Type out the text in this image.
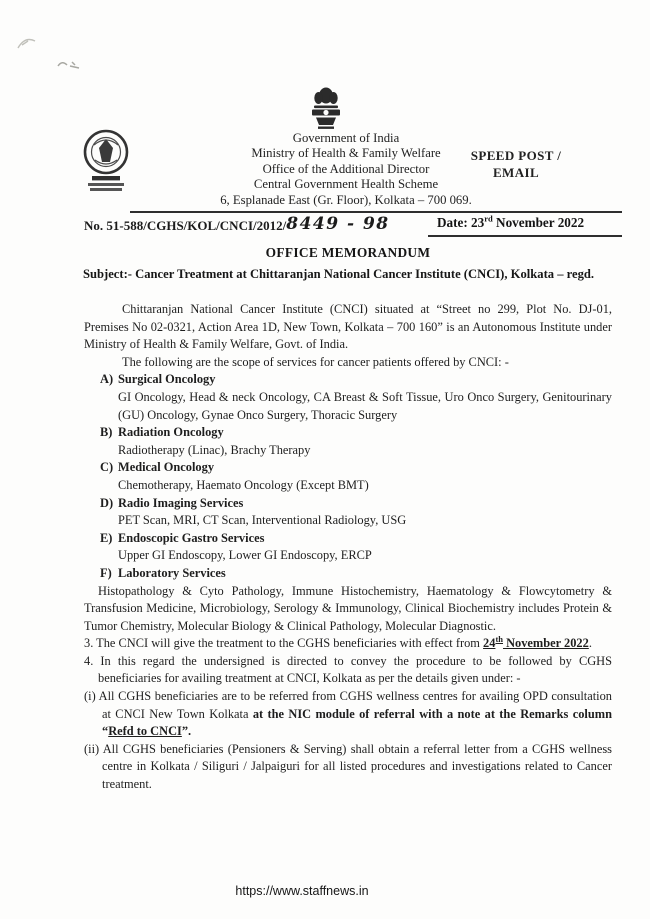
Government of India
Ministry of Health & Family Welfare
Office of the Additional Director
Central Government Health Scheme
6, Esplanade East (Gr. Floor), Kolkata – 700 069.
SPEED POST /
EMAIL
No. 51-588/CGHS/KOL/CNCI/2012/8449 - 98	Date: 23rd November 2022
OFFICE MEMORANDUM
Subject:- Cancer Treatment at Chittaranjan National Cancer Institute (CNCI), Kolkata – regd.

Chittaranjan National Cancer Institute (CNCI) situated at “Street no 299, Plot No. DJ-01, Premises No 02-0321, Action Area 1D, New Town, Kolkata – 700 160” is an Autonomous Institute under Ministry of Health & Family Welfare, Govt. of India.

The following are the scope of services for cancer patients offered by CNCI: -

A) Surgical Oncology
GI Oncology, Head & neck Oncology, CA Breast & Soft Tissue, Uro Onco Surgery, Genitourinary (GU) Oncology, Gynae Onco Surgery, Thoracic Surgery
B) Radiation Oncology
Radiotherapy (Linac), Brachy Therapy
C) Medical Oncology
Chemotherapy, Haemato Oncology (Except BMT)
D) Radio Imaging Services
PET Scan, MRI, CT Scan, Interventional Radiology, USG
E) Endoscopic Gastro Services
Upper GI Endoscopy, Lower GI Endoscopy, ERCP
F) Laboratory Services
Histopathology & Cyto Pathology, Immune Histochemistry, Haematology & Flowcytometry & Transfusion Medicine, Microbiology, Serology & Immunology, Clinical Biochemistry includes Protein & Tumor Chemistry, Molecular Biology & Clinical Pathology, Molecular Diagnostic.

3. The CNCI will give the treatment to the CGHS beneficiaries with effect from 24th November 2022.

4. In this regard the undersigned is directed to convey the procedure to be followed by CGHS beneficiaries for availing treatment at CNCI, Kolkata as per the details given under: -

(i) All CGHS beneficiaries are to be referred from CGHS wellness centres for availing OPD consultation at CNCI New Town Kolkata at the NIC module of referral with a note at the Remarks column “Refd to CNCI”.

(ii) All CGHS beneficiaries (Pensioners & Serving) shall obtain a referral letter from a CGHS wellness centre in Kolkata / Siliguri / Jalpaiguri for all listed procedures and investigations related to Cancer treatment.

https://www.staffnews.in
